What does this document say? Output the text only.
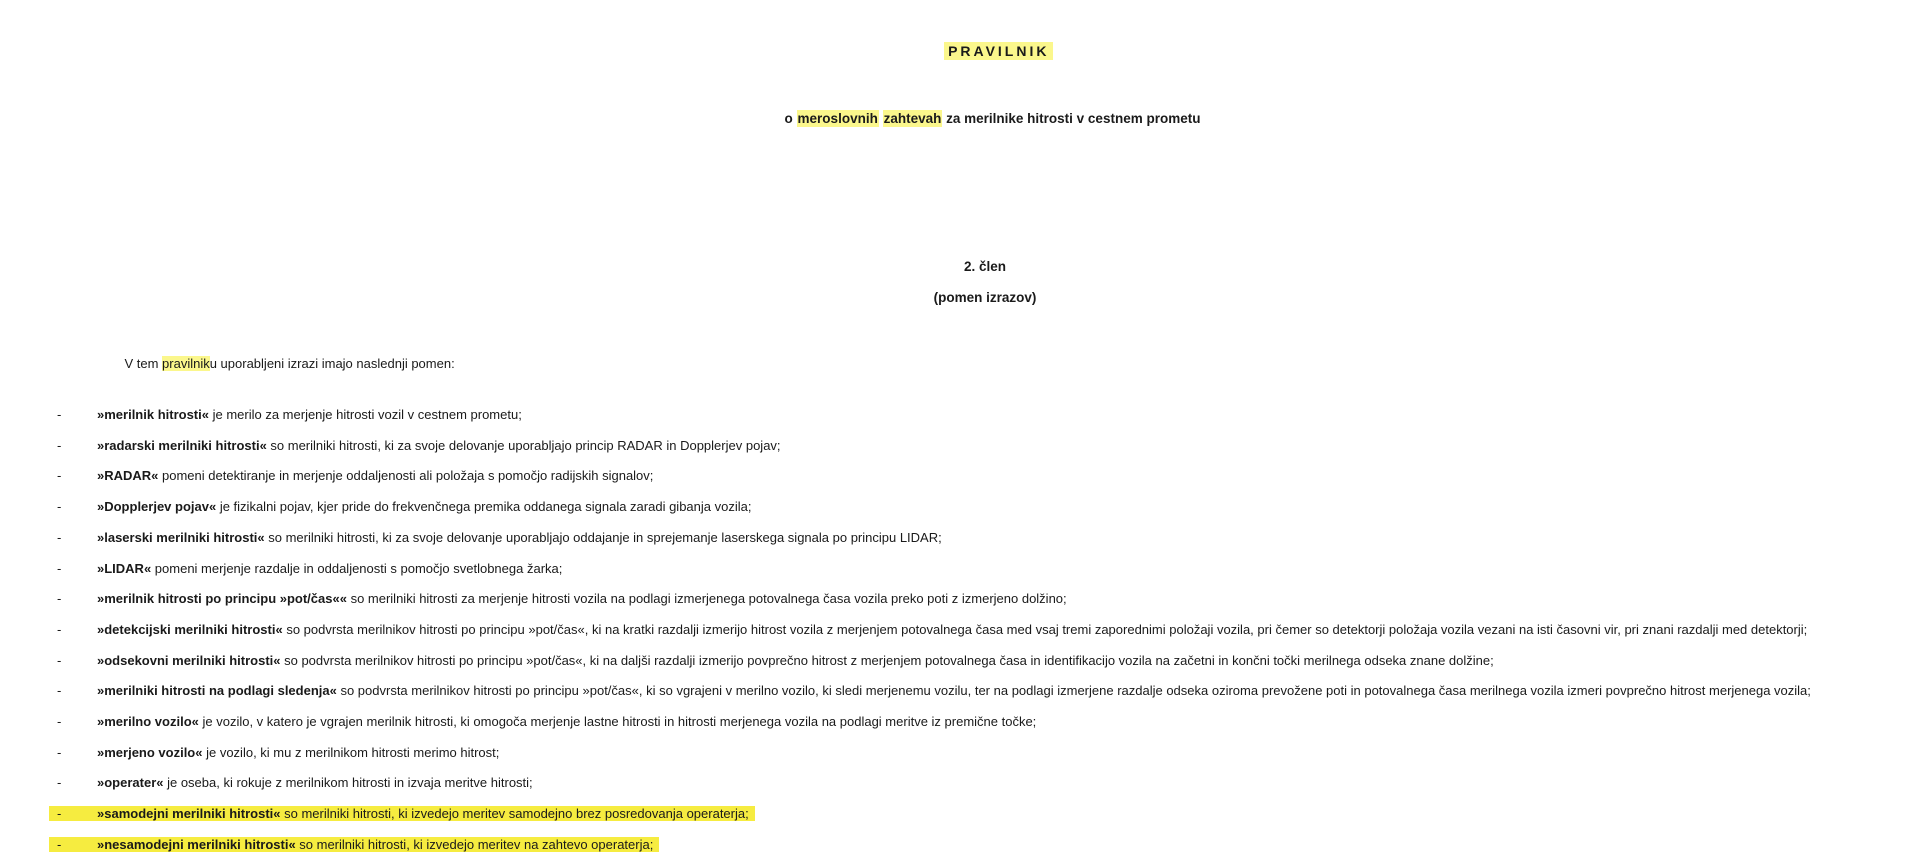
PRAVILNIK

o meroslovnih zahtevah za merilnike hitrosti v cestnem prometu

2. člen
(pomen izrazov)

V tem pravilniku uporabljeni izrazi imajo naslednji pomen:

-	»merilnik hitrosti« je merilo za merjenje hitrosti vozil v cestnem prometu;
-	»radarski merilniki hitrosti« so merilniki hitrosti, ki za svoje delovanje uporabljajo princip RADAR in Dopplerjev pojav;
-	»RADAR« pomeni detektiranje in merjenje oddaljenosti ali položaja s pomočjo radijskih signalov;
-	»Dopplerjev pojav« je fizikalni pojav, kjer pride do frekvenčnega premika oddanega signala zaradi gibanja vozila;
-	»laserski merilniki hitrosti« so merilniki hitrosti, ki za svoje delovanje uporabljajo oddajanje in sprejemanje laserskega signala po principu LIDAR;
-	»LIDAR« pomeni merjenje razdalje in oddaljenosti s pomočjo svetlobnega žarka;
-	»merilnik hitrosti po principu »pot/čas«« so merilniki hitrosti za merjenje hitrosti vozila na podlagi izmerjenega potovalnega časa vozila preko poti z izmerjeno dolžino;
-	»detekcijski merilniki hitrosti« so podvrsta merilnikov hitrosti po principu »pot/čas«, ki na kratki razdalji izmerijo hitrost vozila z merjenjem potovalnega časa med vsaj tremi zaporednimi položaji vozila, pri čemer so detektorji položaja vozila vezani na isti časovni vir, pri znani razdalji med detektorji;
-	»odsekovni merilniki hitrosti« so podvrsta merilnikov hitrosti po principu »pot/čas«, ki na daljši razdalji izmerijo povprečno hitrost z merjenjem potovalnega časa in identifikacijo vozila na začetni in končni točki merilnega odseka znane dolžine;
-	»merilniki hitrosti na podlagi sledenja« so podvrsta merilnikov hitrosti po principu »pot/čas«, ki so vgrajeni v merilno vozilo, ki sledi merjenemu vozilu, ter na podlagi izmerjene razdalje odseka oziroma prevožene poti in potovalnega časa merilnega vozila izmeri povprečno hitrost merjenega vozila;
-	»merilno vozilo« je vozilo, v katero je vgrajen merilnik hitrosti, ki omogoča merjenje lastne hitrosti in hitrosti merjenega vozila na podlagi meritve iz premične točke;
-	»merjeno vozilo« je vozilo, ki mu z merilnikom hitrosti merimo hitrost;
-	»operater« je oseba, ki rokuje z merilnikom hitrosti in izvaja meritve hitrosti;
-	»samodejni merilniki hitrosti« so merilniki hitrosti, ki izvedejo meritev samodejno brez posredovanja operaterja;
-	»nesamodejni merilniki hitrosti« so merilniki hitrosti, ki izvedejo meritev na zahtevo operaterja;
